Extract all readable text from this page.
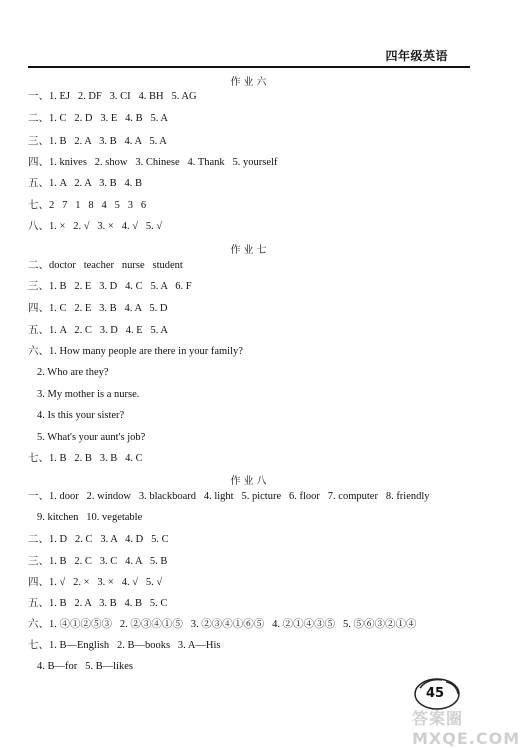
四年级英语
作业六
一、1. EJ   2. DF   3. CI   4. BH   5. AG
二、1. C   2. D   3. E   4. B   5. A
三、1. B   2. A   3. B   4. A   5. A
四、1. knives   2. show   3. Chinese   4. Thank   5. yourself
五、1. A   2. A   3. B   4. B
七、2   7   1   8   4   5   3   6
八、1. ×   2. √   3. ×   4. √   5. √
作业七
二、doctor   teacher   nurse   student
三、1. B   2. E   3. D   4. C   5. A   6. F
四、1. C   2. E   3. B   4. A   5. D
五、1. A   2. C   3. D   4. E   5. A
六、1. How many people are there in your family?
2. Who are they?
3. My mother is a nurse.
4. Is this your sister?
5. What's your aunt's job?
七、1. B   2. B   3. B   4. C
作业八
一、1. door   2. window   3. blackboard   4. light   5. picture   6. floor   7. computer   8. friendly
9. kitchen   10. vegetable
二、1. D   2. C   3. A   4. D   5. C
三、1. B   2. C   3. C   4. A   5. B
四、1. √   2. ×   3. ×   4. √   5. √
五、1. B   2. A   3. B   4. B   5. C
六、1. ④①②⑤③   2. ②③④①⑤   3. ②③④①⑥⑤   4. ②①④③⑤   5. ⑤⑥③②①④
七、1. B—English   2. B—books   3. A—His
4. B—for   5. B—likes
45
答案圈 MXQE.COM
